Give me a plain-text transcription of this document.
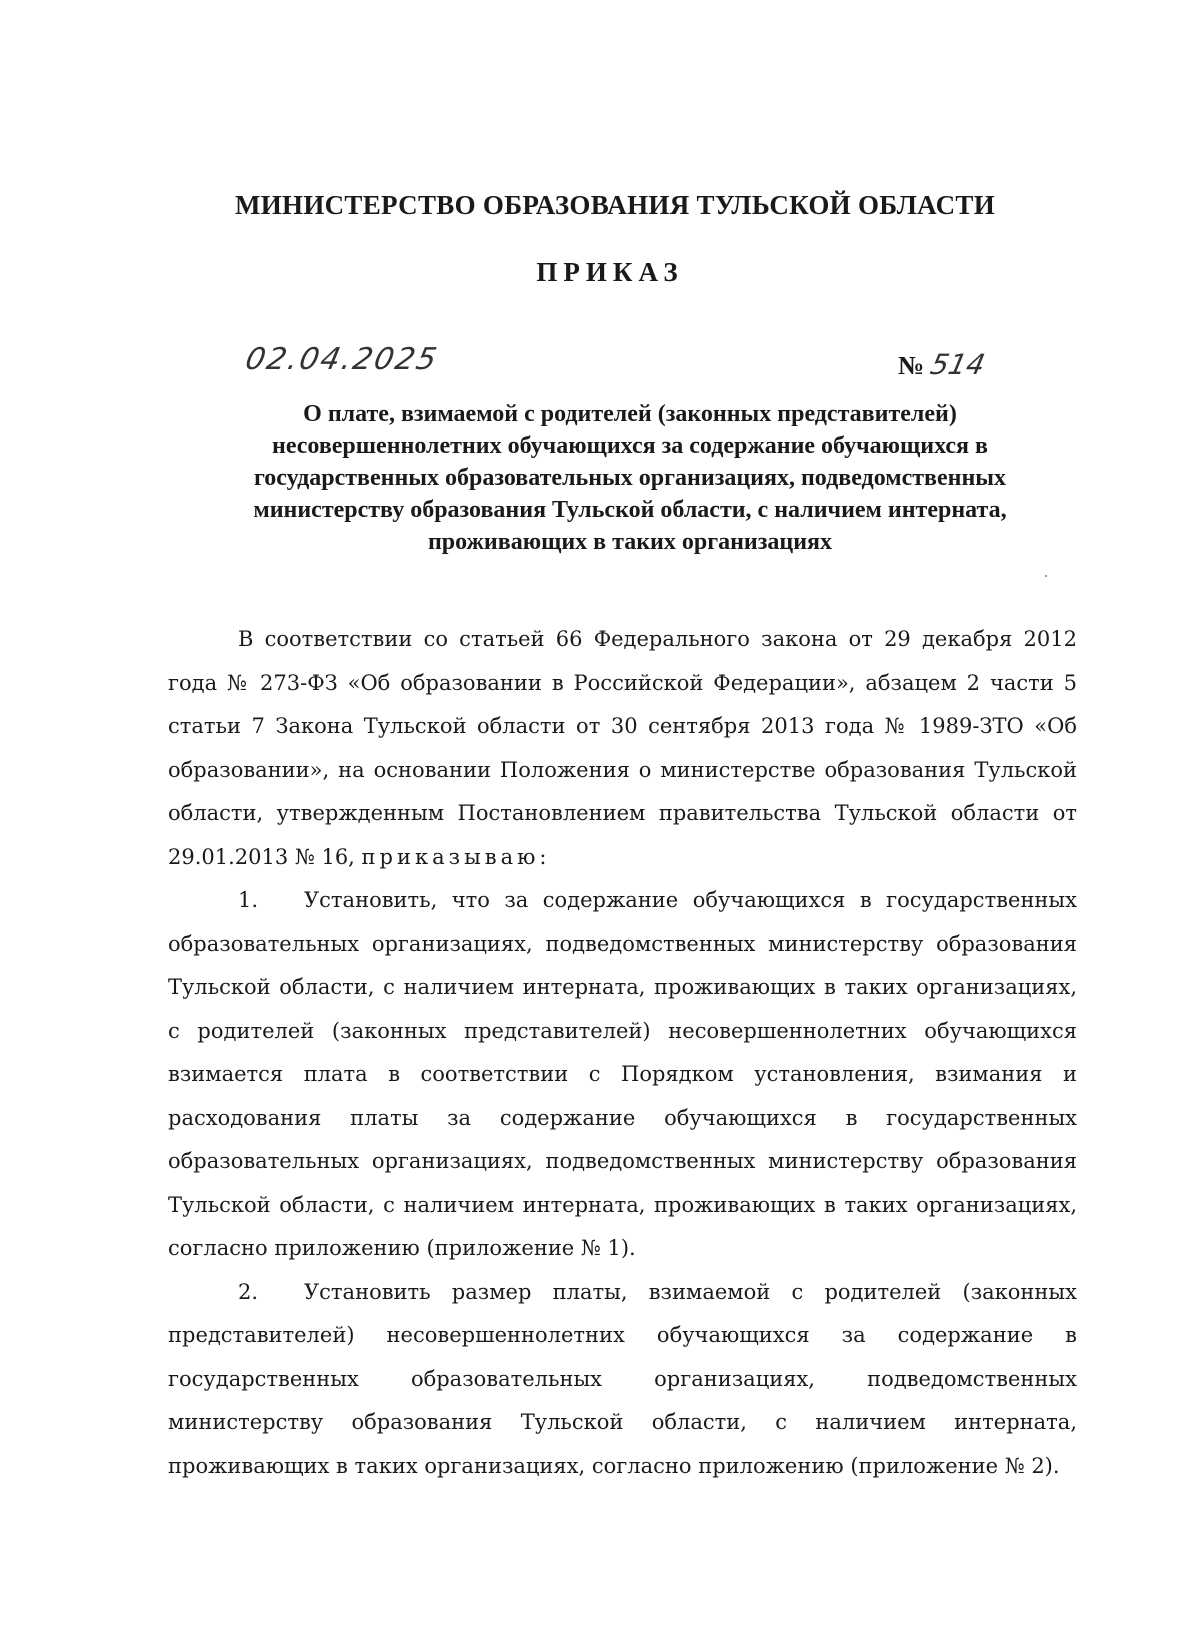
МИНИСТЕРСТВО ОБРАЗОВАНИЯ ТУЛЬСКОЙ ОБЛАСТИ
ПРИКАЗ
02.04.2025	№ 514
О плате, взимаемой с родителей (законных представителей) несовершеннолетних обучающихся за содержание обучающихся в государственных образовательных организациях, подведомственных министерству образования Тульской области, с наличием интерната, проживающих в таких организациях

В соответствии со статьей 66 Федерального закона от 29 декабря 2012 года № 273-ФЗ «Об образовании в Российской Федерации», абзацем 2 части 5 статьи 7 Закона Тульской области от 30 сентября 2013 года № 1989-ЗТО «Об образовании», на основании Положения о министерстве образования Тульской области, утвержденным Постановлением правительства Тульской области от 29.01.2013 № 16, приказываю:

1. Установить, что за содержание обучающихся в государственных образовательных организациях, подведомственных министерству образования Тульской области, с наличием интерната, проживающих в таких организациях, с родителей (законных представителей) несовершеннолетних обучающихся взимается плата в соответствии с Порядком установления, взимания и расходования платы за содержание обучающихся в государственных образовательных организациях, подведомственных министерству образования Тульской области, с наличием интерната, проживающих в таких организациях, согласно приложению (приложение № 1).

2. Установить размер платы, взимаемой с родителей (законных представителей) несовершеннолетних обучающихся за содержание в государственных образовательных организациях, подведомственных министерству образования Тульской области, с наличием интерната, проживающих в таких организациях, согласно приложению (приложение № 2).
